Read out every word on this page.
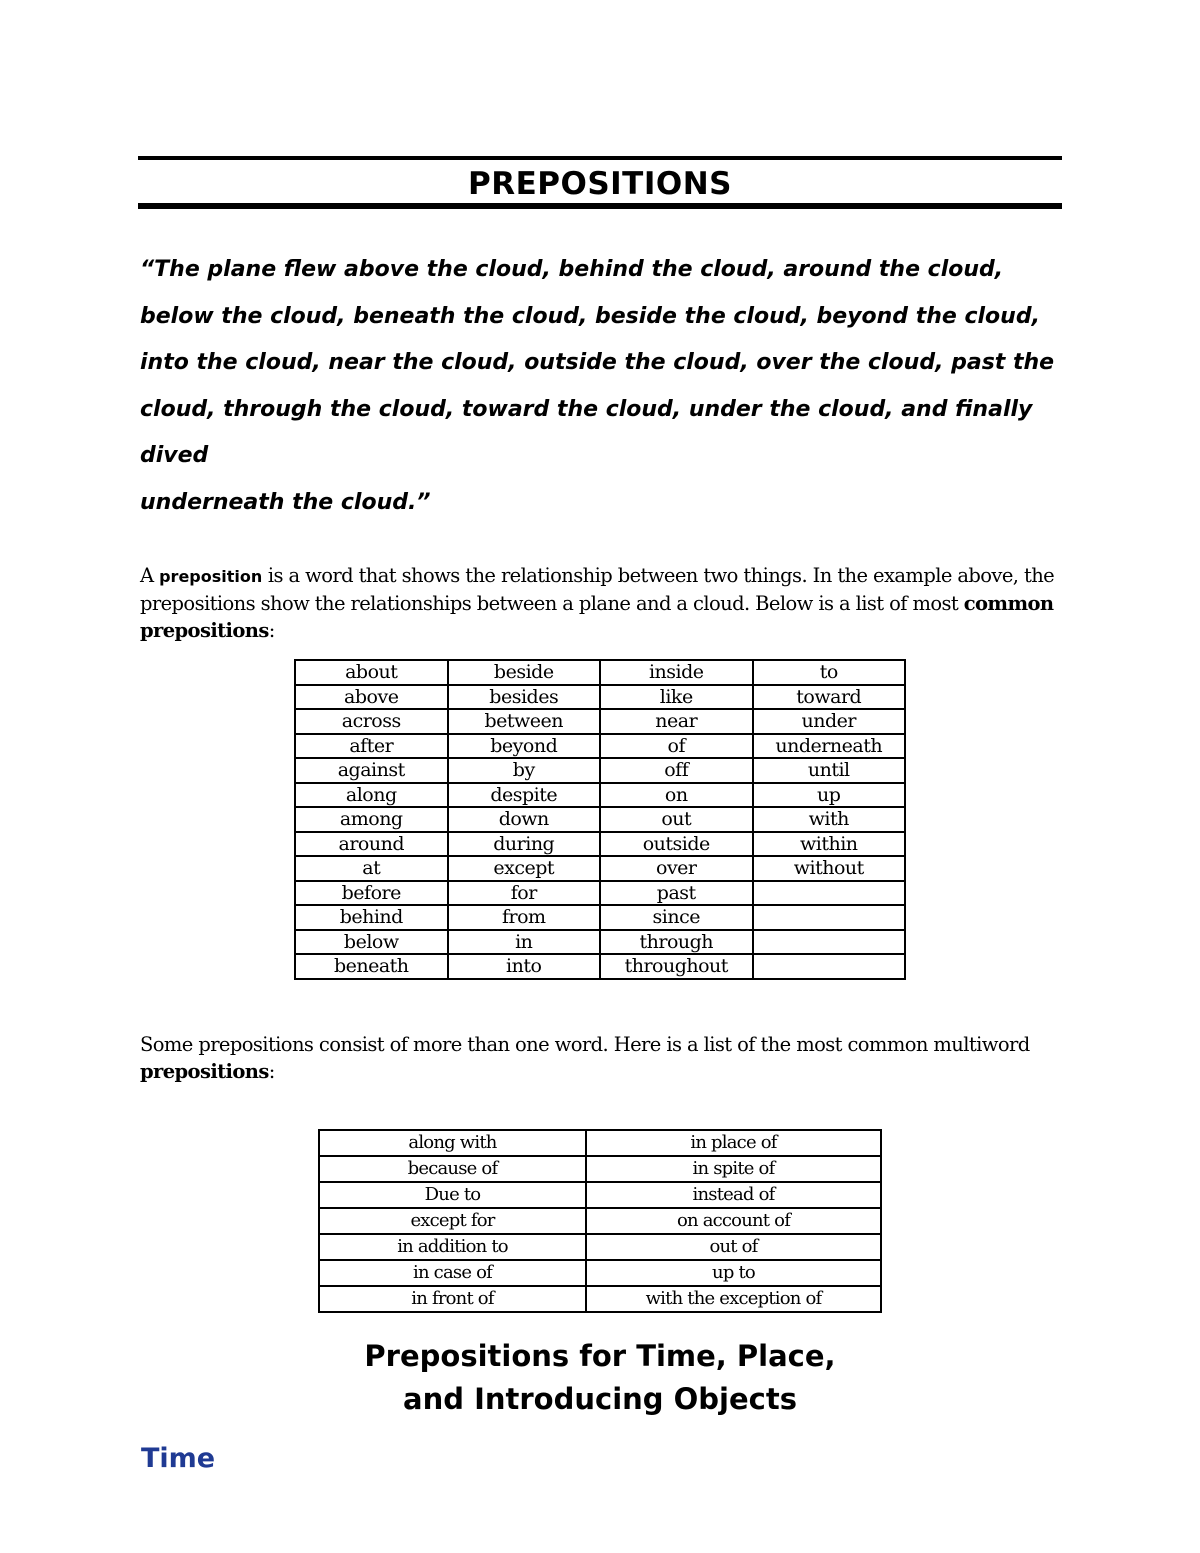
PREPOSITIONS

“The plane flew above the cloud, behind the cloud, around the cloud,
below the cloud, beneath the cloud, beside the cloud, beyond the cloud,
into the cloud, near the cloud, outside the cloud, over the cloud, past the
cloud, through the cloud, toward the cloud, under the cloud, and finally
dived
underneath the cloud.”

A preposition is a word that shows the relationship between two things. In the example above, the prepositions show the relationships between a plane and a cloud. Below is a list of most common prepositions:

about	beside	inside	to
above	besides	like	toward
across	between	near	under
after	beyond	of	underneath
against	by	off	until
along	despite	on	up
among	down	out	with
around	during	outside	within
at	except	over	without
before	for	past	
behind	from	since	
below	in	through	
beneath	into	throughout	

Some prepositions consist of more than one word. Here is a list of the most common multiword prepositions:

along with	in place of
because of	in spite of
Due to	instead of
except for	on account of
in addition to	out of
in case of	up to
in front of	with the exception of
Prepositions for Time, Place,
and Introducing Objects
Time
